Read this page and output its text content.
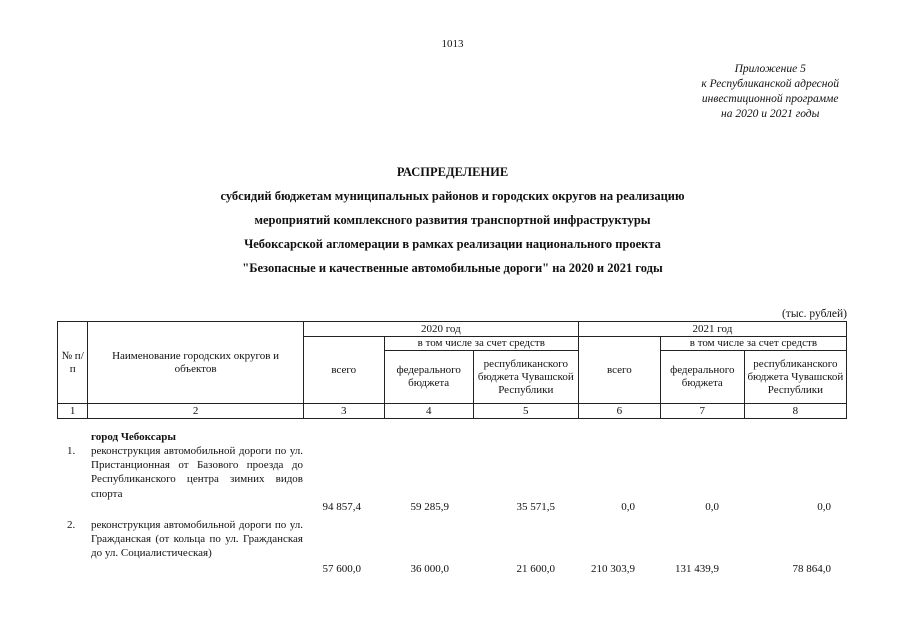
1013
Приложение 5
к Республиканской адресной
инвестиционной программе
на 2020 и 2021 годы
РАСПРЕДЕЛЕНИЕ
субсидий бюджетам муниципальных районов и городских округов на реализацию
мероприятий комплексного развития транспортной инфраструктуры
Чебоксарской агломерации в рамках реализации национального проекта
"Безопасные и качественные автомобильные дороги" на 2020 и 2021 годы
(тыс. рублей)
№ п/п	Наименование городских округов и объектов	2020 год			2021 год		
		всего	в том числе за счет средств		всего	в том числе за счет средств	
			федерального бюджета	республиканского бюджета Чувашской Республики		федерального бюджета	республиканского бюджета Чувашской Республики
1	2	3	4	5	6	7	8
город Чебоксары
1. реконструкция автомобильной дороги по ул. Пристанционная от Базового проезда до Республиканского центра зимних видов спорта
94 857,4	59 285,9	35 571,5	0,0	0,0	0,0
2. реконструкция автомобильной дороги по ул. Гражданская (от кольца по ул. Гражданская до ул. Социалистическая)
57 600,0	36 000,0	21 600,0	210 303,9	131 439,9	78 864,0
